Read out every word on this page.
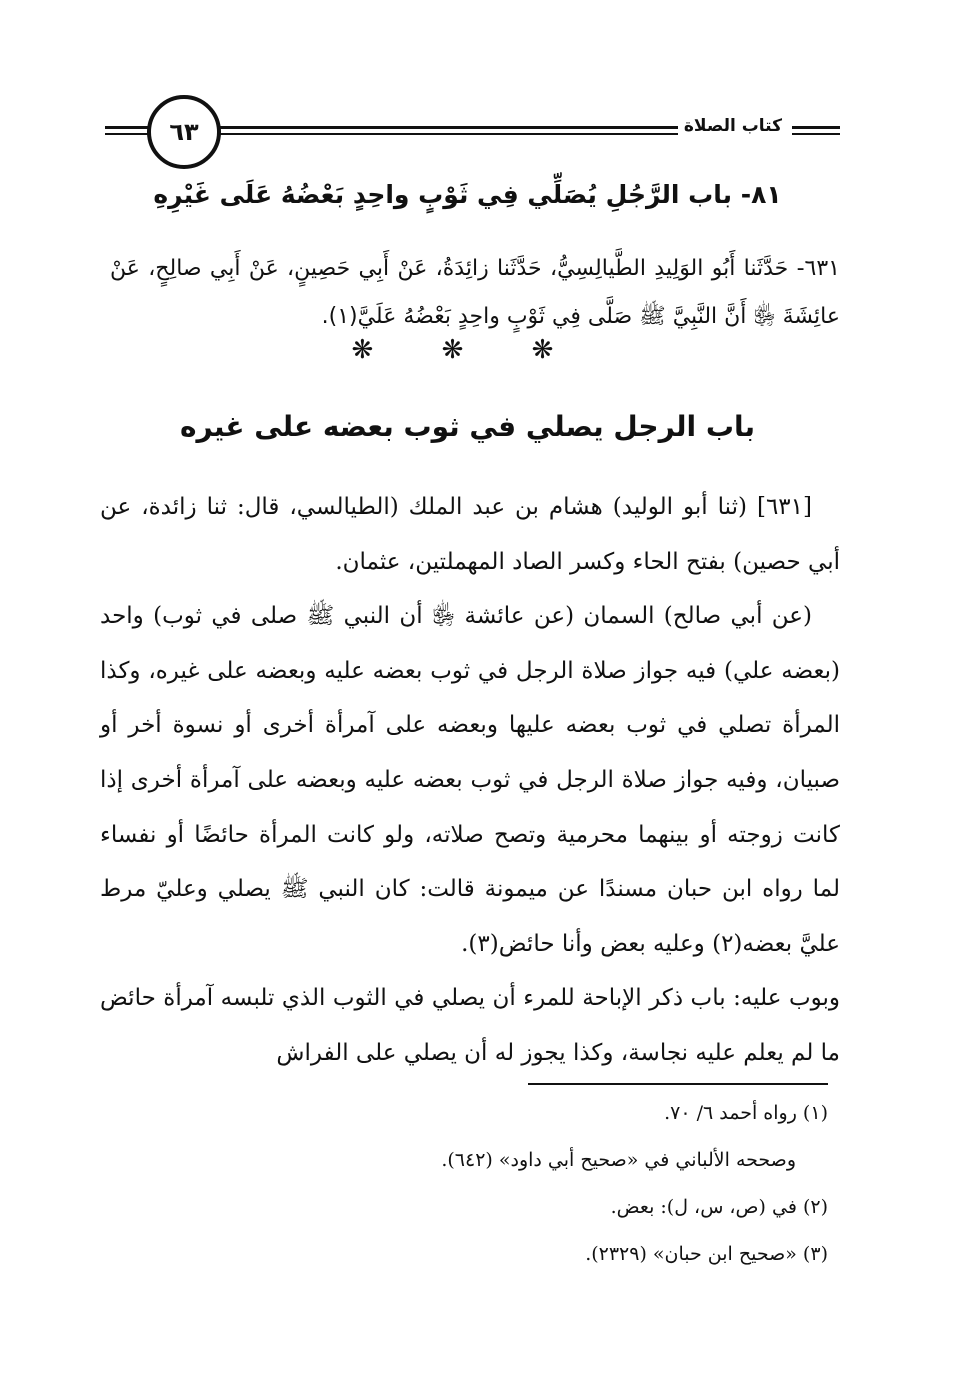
٦٣	كتاب الصلاة
٨١- باب الرَّجُلِ يُصَلِّي فِي ثَوْبٍ واحِدٍ بَعْضُهُ عَلَى غَيْرِهِ
٦٣١- حَدَّثَنا أَبُو الوَلِيدِ الطَّيالِسِيُّ، حَدَّثَنا زائِدَةُ، عَنْ أَبِي حَصِينٍ، عَنْ أَبِي صالِحٍ، عَنْ عائِشَةَ ﵂ أَنَّ النَّبِيَّ ﷺ صَلَّى فِي ثَوْبٍ واحِدٍ بَعْضُهُ عَلَيَّ(١).
❋ ❋ ❋
باب الرجل يصلي في ثوب بعضه على غيره

[٦٣١] (ثنا أبو الوليد) هشام بن عبد الملك (الطيالسي، قال: ثنا زائدة، عن أبي حصين) بفتح الحاء وكسر الصاد المهملتين، عثمان.

(عن أبي صالح) السمان (عن عائشة ﵂ أن النبي ﷺ صلى في ثوب) واحد (بعضه علي) فيه جواز صلاة الرجل في ثوب بعضه عليه وبعضه على غيره، وكذا المرأة تصلي في ثوب بعضه عليها وبعضه على آمرأة أخرى أو نسوة أخر أو صبيان، وفيه جواز صلاة الرجل في ثوب بعضه عليه وبعضه على آمرأة أخرى إذا كانت زوجته أو بينهما محرمية وتصح صلاته، ولو كانت المرأة حائضًا أو نفساء لما رواه ابن حبان مسندًا عن ميمونة قالت: كان النبي ﷺ يصلي وعليّ مرط عليَّ بعضه(٢) وعليه بعض وأنا حائض(٣).

وبوب عليه: باب ذكر الإباحة للمرء أن يصلي في الثوب الذي تلبسه آمرأة حائض ما لم يعلم عليه نجاسة، وكذا يجوز له أن يصلي على الفراش

(١) رواه أحمد ٦/ ٧٠.
وصححه الألباني في «صحيح أبي داود» (٦٤٢).
(٢) في (ص، س، ل): بعض.
(٣) «صحيح ابن حبان» (٢٣٢٩).
